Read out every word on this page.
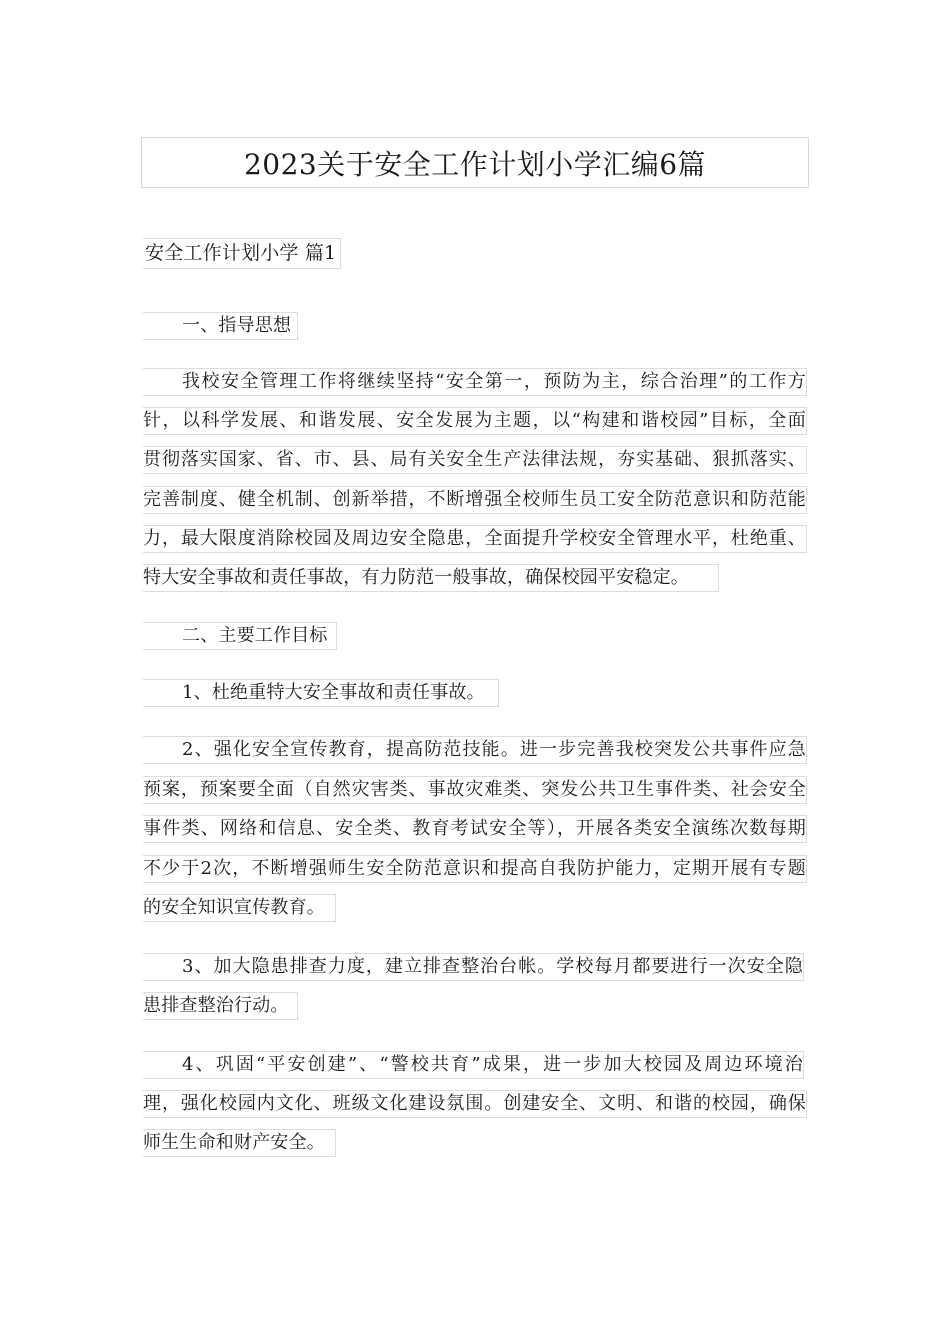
2023关于安全工作计划小学汇编6篇
安全工作计划小学 篇1
一、指导思想
我校安全管理工作将继续坚持“安全第一，预防为主，综合治理”的工作方
针，以科学发展、和谐发展、安全发展为主题，以“构建和谐校园”目标，全面
贯彻落实国家、省、市、县、局有关安全生产法律法规，夯实基础、狠抓落实、
完善制度、健全机制、创新举措，不断增强全校师生员工安全防范意识和防范能
力，最大限度消除校园及周边安全隐患，全面提升学校安全管理水平，杜绝重、
特大安全事故和责任事故，有力防范一般事故，确保校园平安稳定。
二、主要工作目标
1、杜绝重特大安全事故和责任事故。
2、强化安全宣传教育，提高防范技能。进一步完善我校突发公共事件应急
预案，预案要全面（自然灾害类、事故灾难类、突发公共卫生事件类、社会安全
事件类、网络和信息、安全类、教育考试安全等），开展各类安全演练次数每期
不少于2次，不断增强师生安全防范意识和提高自我防护能力，定期开展有专题
的安全知识宣传教育。
3、加大隐患排查力度，建立排查整治台帐。学校每月都要进行一次安全隐
患排查整治行动。
4、巩固“平安创建”、“警校共育”成果，进一步加大校园及周边环境治
理，强化校园内文化、班级文化建设氛围。创建安全、文明、和谐的校园，确保
师生生命和财产安全。
